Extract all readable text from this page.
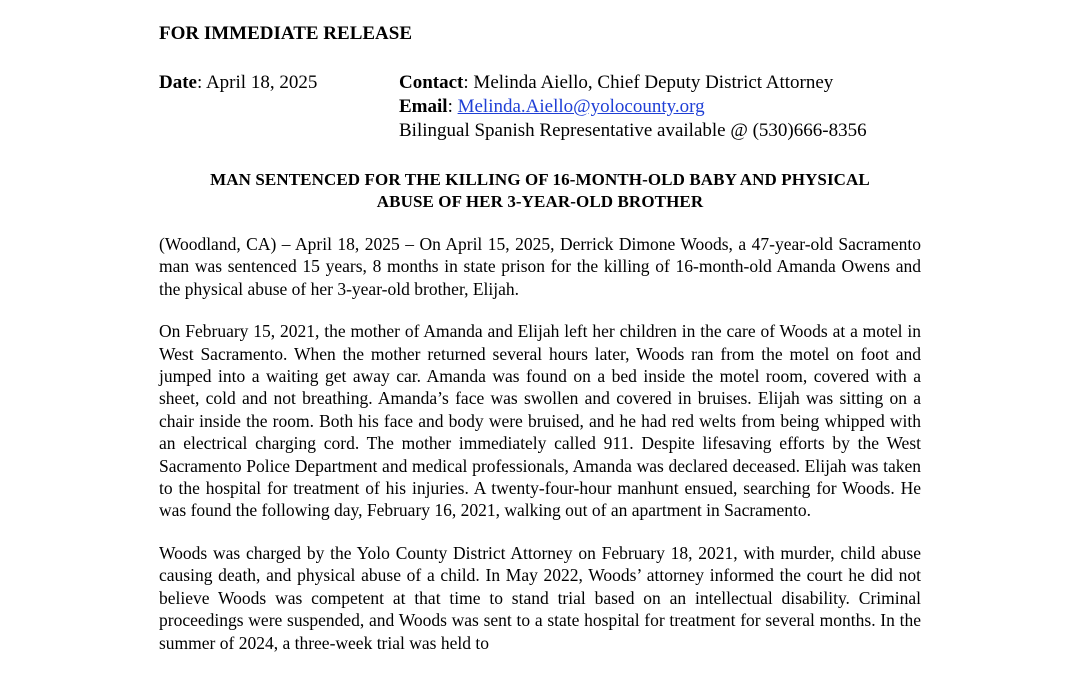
FOR IMMEDIATE RELEASE
Date: April 18, 2025	Contact: Melinda Aiello, Chief Deputy District Attorney
Email: Melinda.Aiello@yolocounty.org
Bilingual Spanish Representative available @ (530)666-8356
MAN SENTENCED FOR THE KILLING OF 16-MONTH-OLD BABY AND PHYSICAL
ABUSE OF HER 3-YEAR-OLD BROTHER

(Woodland, CA) – April 18, 2025 – On April 15, 2025, Derrick Dimone Woods, a 47-year-old Sacramento man was sentenced 15 years, 8 months in state prison for the killing of 16-month-old Amanda Owens and the physical abuse of her 3-year-old brother, Elijah.

On February 15, 2021, the mother of Amanda and Elijah left her children in the care of Woods at a motel in West Sacramento. When the mother returned several hours later, Woods ran from the motel on foot and jumped into a waiting get away car. Amanda was found on a bed inside the motel room, covered with a sheet, cold and not breathing. Amanda’s face was swollen and covered in bruises. Elijah was sitting on a chair inside the room. Both his face and body were bruised, and he had red welts from being whipped with an electrical charging cord. The mother immediately called 911. Despite lifesaving efforts by the West Sacramento Police Department and medical professionals, Amanda was declared deceased. Elijah was taken to the hospital for treatment of his injuries. A twenty-four-hour manhunt ensued, searching for Woods. He was found the following day, February 16, 2021, walking out of an apartment in Sacramento.

Woods was charged by the Yolo County District Attorney on February 18, 2021, with murder, child abuse causing death, and physical abuse of a child. In May 2022, Woods’ attorney informed the court he did not believe Woods was competent at that time to stand trial based on an intellectual disability. Criminal proceedings were suspended, and Woods was sent to a state hospital for treatment for several months. In the summer of 2024, a three-week trial was held to
